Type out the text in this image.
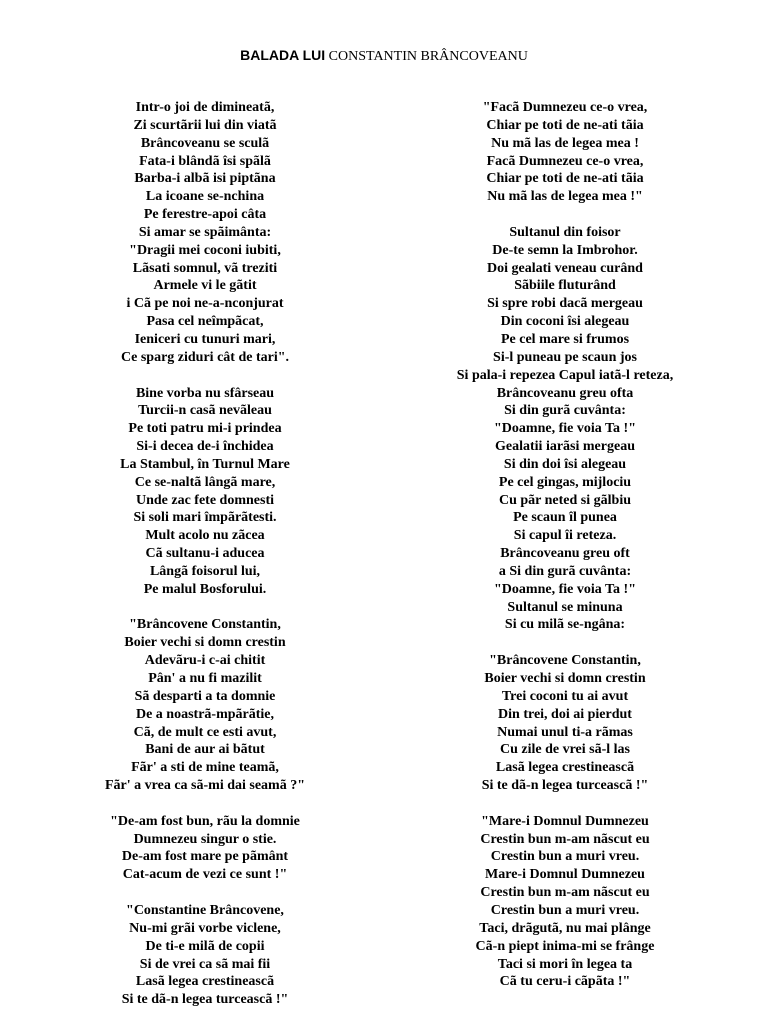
BALADA LUI CONSTANTIN BRÂNCOVEANU
Intr-o joi de dimineatã,
Zi scurtãrii lui din viatã
Brâncoveanu se sculã
Fata-i blândã îsi spãlã
Barba-i albã isi piptãna
La icoane se-nchina
Pe ferestre-apoi câta
Si amar se spãimânta:
"Dragii mei coconi iubiti,
Lãsati somnul, vã treziti
Armele vi le gãtit
i Cã pe noi ne-a-nconjurat
Pasa cel neîmpãcat,
Ieniceri cu tunuri mari,
Ce sparg ziduri cât de tari".
Bine vorba nu sfârseau
Turcii-n casã nevãleau
Pe toti patru mi-i prindea
Si-i decea de-i închidea
La Stambul, în Turnul Mare
Ce se-naltã lângã mare,
Unde zac fete domnesti
Si soli mari împãrãtesti.
Mult acolo nu zãcea
Cã sultanu-i aducea
Lângã foisorul lui,
Pe malul Bosforului.
"Brâncovene Constantin,
Boier vechi si domn crestin
Adevãru-i c-ai chitit
Pân' a nu fi mazilit
Sã desparti a ta domnie
De a noastrã-mpãrãtie,
Cã, de mult ce esti avut,
Bani de aur ai bãtut
Fãr' a sti de mine teamã,
Fãr' a vrea ca sã-mi dai seamã ?"
"De-am fost bun, rãu la domnie
Dumnezeu singur o stie.
De-am fost mare pe pãmânt
Cat-acum de vezi ce sunt !"
"Constantine Brâncovene,
Nu-mi grãi vorbe viclene,
De ti-e milã de copii
Si de vrei ca sã mai fii
Lasã legea crestineascã
Si te dã-n legea turceascã !"
"Facã Dumnezeu ce-o vrea,
Chiar pe toti de ne-ati tãia
Nu mã las de legea mea !
Facã Dumnezeu ce-o vrea,
Chiar pe toti de ne-ati tãia
Nu mã las de legea mea !"
Sultanul din foisor
De-te semn la Imbrohor.
Doi gealati veneau curând
Sãbiile fluturând
Si spre robi dacã mergeau
Din coconi îsi alegeau
Pe cel mare si frumos
Si-l puneau pe scaun jos
Si pala-i repezea Capul iatã-l reteza,
Brâncoveanu greu ofta
Si din gurã cuvânta:
"Doamne, fie voia Ta !"
Gealatii iarãsi mergeau
Si din doi îsi alegeau
Pe cel gingas, mijlociu
Cu pãr neted si gãlbiu
Pe scaun îl punea
Si capul îi reteza.
Brâncoveanu greu oft
a Si din gurã cuvânta:
"Doamne, fie voia Ta !"
Sultanul se minuna
Si cu milã se-ngâna:
"Brâncovene Constantin,
Boier vechi si domn crestin
Trei coconi tu ai avut
Din trei, doi ai pierdut
Numai unul ti-a rãmas
Cu zile de vrei sã-l las
Lasã legea crestineascã
Si te dã-n legea turceascã !"
"Mare-i Domnul Dumnezeu
Crestin bun m-am nãscut eu
Crestin bun a muri vreu.
Mare-i Domnul Dumnezeu
Crestin bun m-am nãscut eu
Crestin bun a muri vreu.
Taci, drãgutã, nu mai plânge
Cã-n piept inima-mi se frânge
Taci si mori în legea ta
Cã tu ceru-i cãpãta !"
